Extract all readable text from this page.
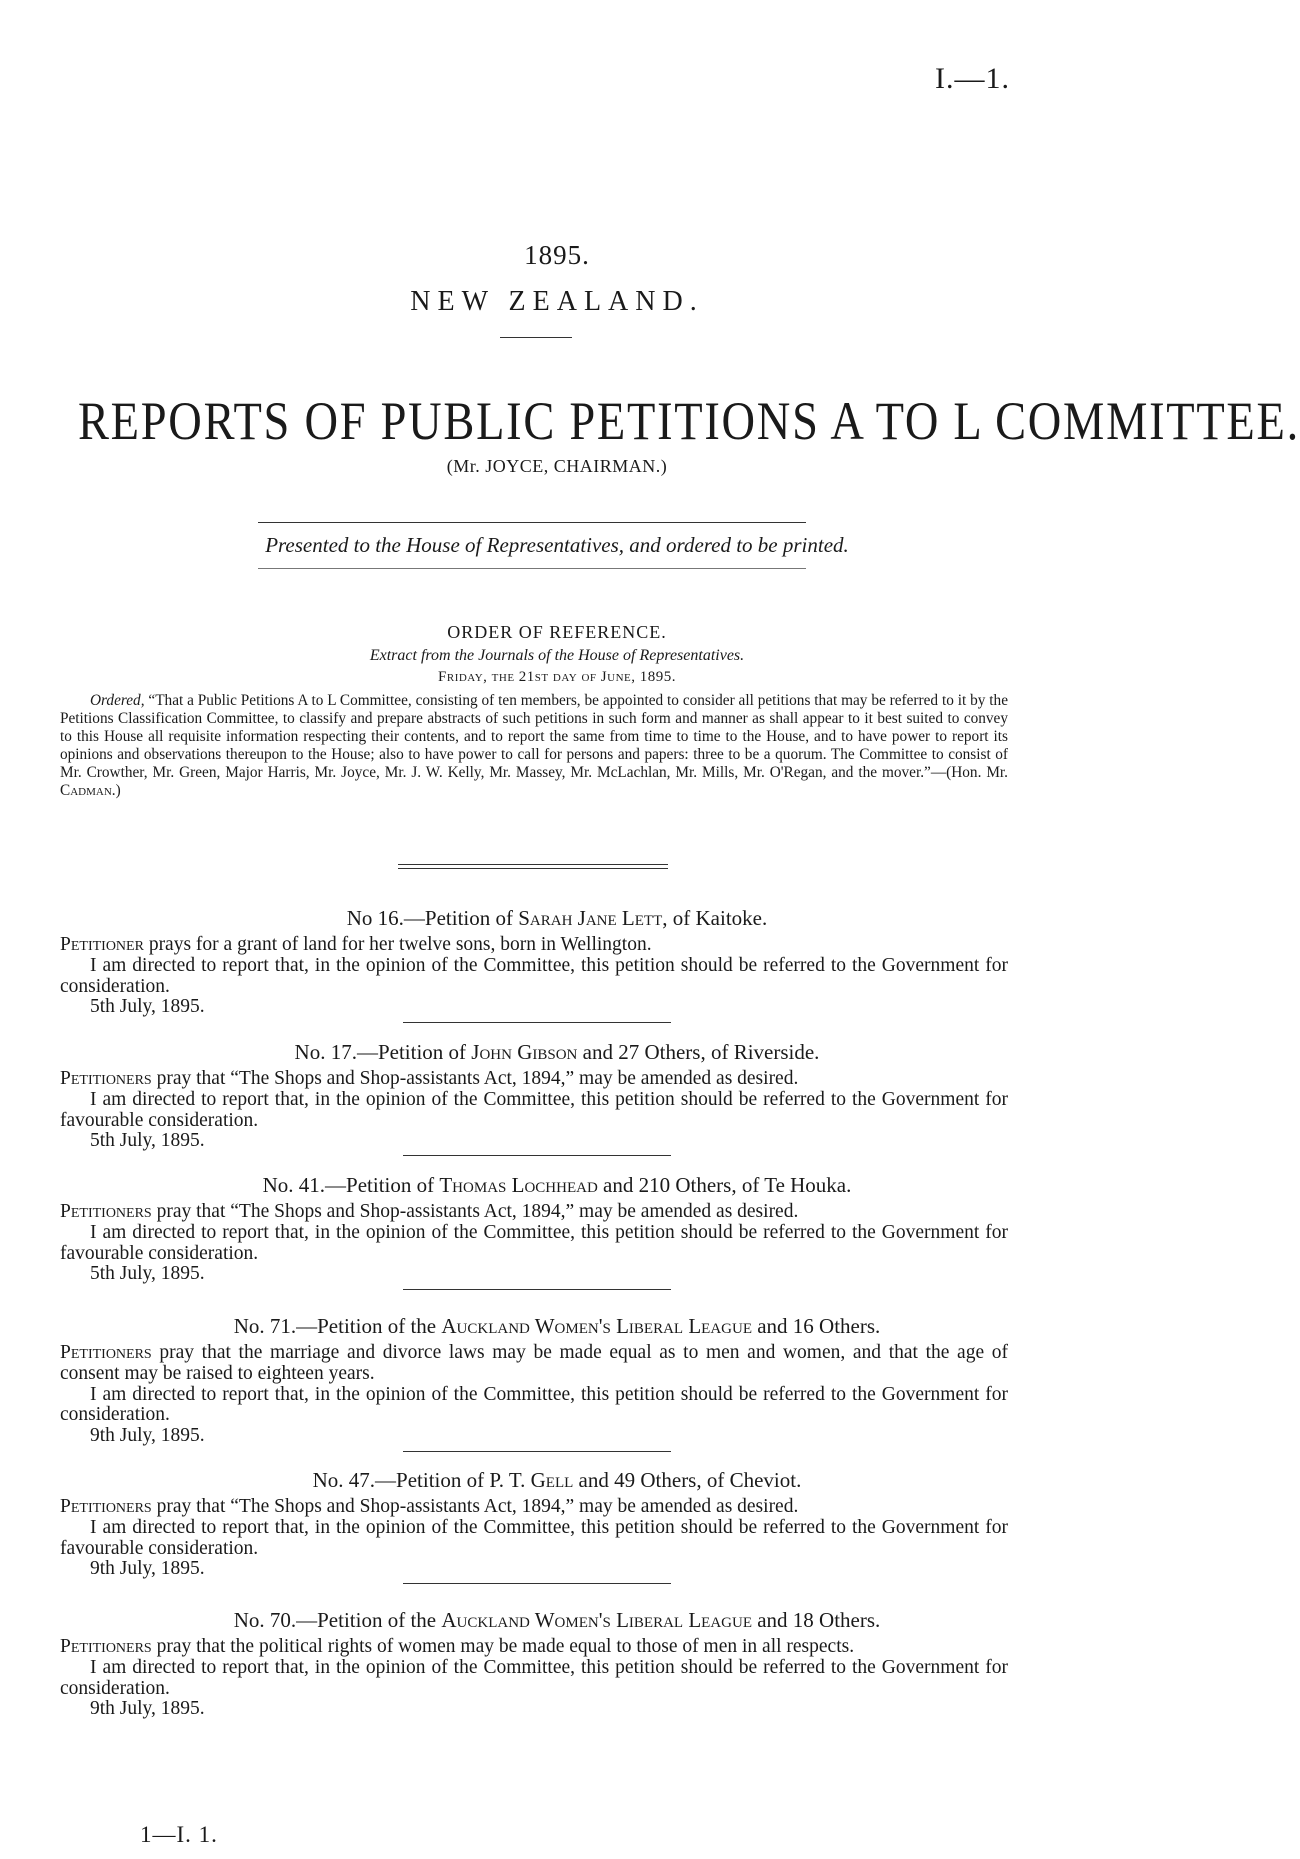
I.—1.
1895.
NEW ZEALAND.
REPORTS OF PUBLIC PETITIONS A TO L COMMITTEE.
(Mr. JOYCE, CHAIRMAN.)
Presented to the House of Representatives, and ordered to be printed.
ORDER OF REFERENCE.
Extract from the Journals of the House of Representatives.
Friday, the 21st day of June, 1895.
Ordered, “That a Public Petitions A to L Committee, consisting of ten members, be appointed to consider all petitions that may be referred to it by the Petitions Classification Committee, to classify and prepare abstracts of such petitions in such form and manner as shall appear to it best suited to convey to this House all requisite information respecting their contents, and to report the same from time to time to the House, and to have power to report its opinions and observations thereupon to the House; also to have power to call for persons and papers: three to be a quorum. The Committee to consist of Mr. Crowther, Mr. Green, Major Harris, Mr. Joyce, Mr. J. W. Kelly, Mr. Massey, Mr. McLachlan, Mr. Mills, Mr. O'Regan, and the mover.”—(Hon. Mr. Cadman.)
No 16.—Petition of Sarah Jane Lett, of Kaitoke.

Petitioner prays for a grant of land for her twelve sons, born in Wellington.

I am directed to report that, in the opinion of the Committee, this petition should be referred to the Government for consideration.

5th July, 1895.

No. 17.—Petition of John Gibson and 27 Others, of Riverside.

Petitioners pray that “The Shops and Shop-assistants Act, 1894,” may be amended as desired.

I am directed to report that, in the opinion of the Committee, this petition should be referred to the Government for favourable consideration.

5th July, 1895.

No. 41.—Petition of Thomas Lochhead and 210 Others, of Te Houka.

Petitioners pray that “The Shops and Shop-assistants Act, 1894,” may be amended as desired.

I am directed to report that, in the opinion of the Committee, this petition should be referred to the Government for favourable consideration.

5th July, 1895.

No. 71.—Petition of the Auckland Women's Liberal League and 16 Others.

Petitioners pray that the marriage and divorce laws may be made equal as to men and women, and that the age of consent may be raised to eighteen years.

I am directed to report that, in the opinion of the Committee, this petition should be referred to the Government for consideration.

9th July, 1895.

No. 47.—Petition of P. T. Gell and 49 Others, of Cheviot.

Petitioners pray that “The Shops and Shop-assistants Act, 1894,” may be amended as desired.

I am directed to report that, in the opinion of the Committee, this petition should be referred to the Government for favourable consideration.

9th July, 1895.

No. 70.—Petition of the Auckland Women's Liberal League and 18 Others.

Petitioners pray that the political rights of women may be made equal to those of men in all respects.

I am directed to report that, in the opinion of the Committee, this petition should be referred to the Government for consideration.

9th July, 1895.

1—I. 1.
